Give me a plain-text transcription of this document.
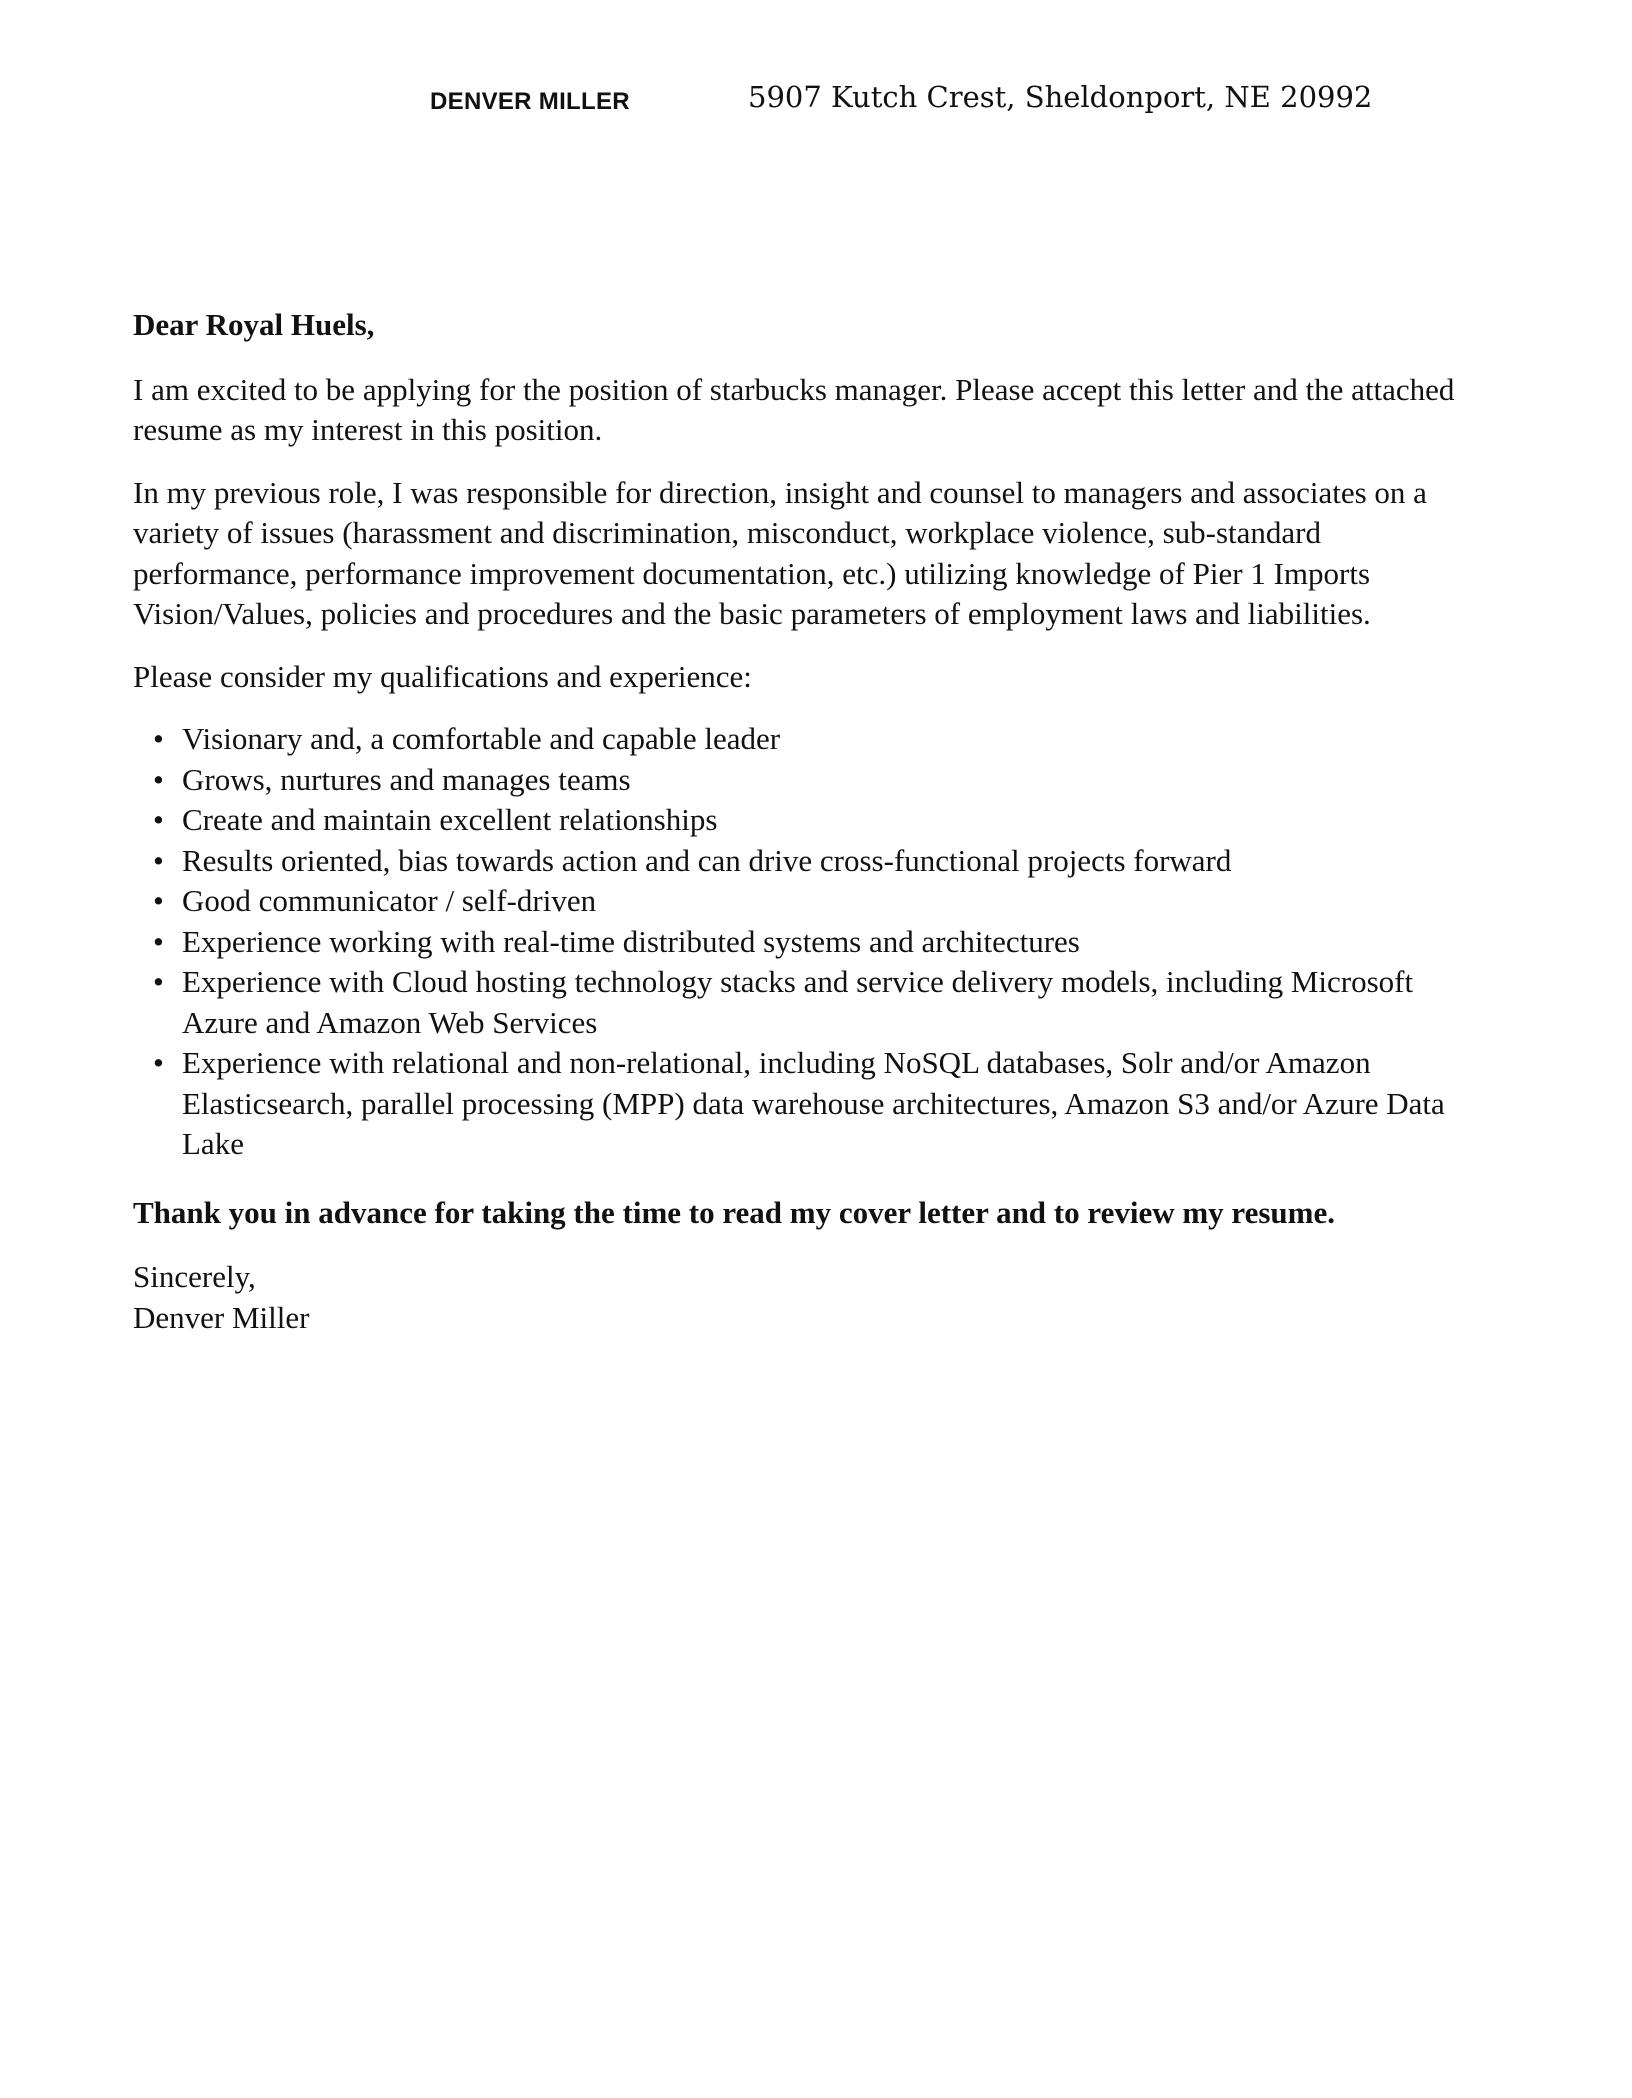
DENVER MILLER	5907 Kutch Crest, Sheldonport, NE 20992

Dear Royal Huels,

I am excited to be applying for the position of starbucks manager. Please accept this letter and the attached resume as my interest in this position.

In my previous role, I was responsible for direction, insight and counsel to managers and associates on a variety of issues (harassment and discrimination, misconduct, workplace violence, sub-standard performance, performance improvement documentation, etc.) utilizing knowledge of Pier 1 Imports Vision/Values, policies and procedures and the basic parameters of employment laws and liabilities.

Please consider my qualifications and experience:

• Visionary and, a comfortable and capable leader
• Grows, nurtures and manages teams
• Create and maintain excellent relationships
• Results oriented, bias towards action and can drive cross-functional projects forward
• Good communicator / self-driven
• Experience working with real-time distributed systems and architectures
• Experience with Cloud hosting technology stacks and service delivery models, including Microsoft Azure and Amazon Web Services
• Experience with relational and non-relational, including NoSQL databases, Solr and/or Amazon Elasticsearch, parallel processing (MPP) data warehouse architectures, Amazon S3 and/or Azure Data Lake

Thank you in advance for taking the time to read my cover letter and to review my resume.

Sincerely,

Denver Miller
